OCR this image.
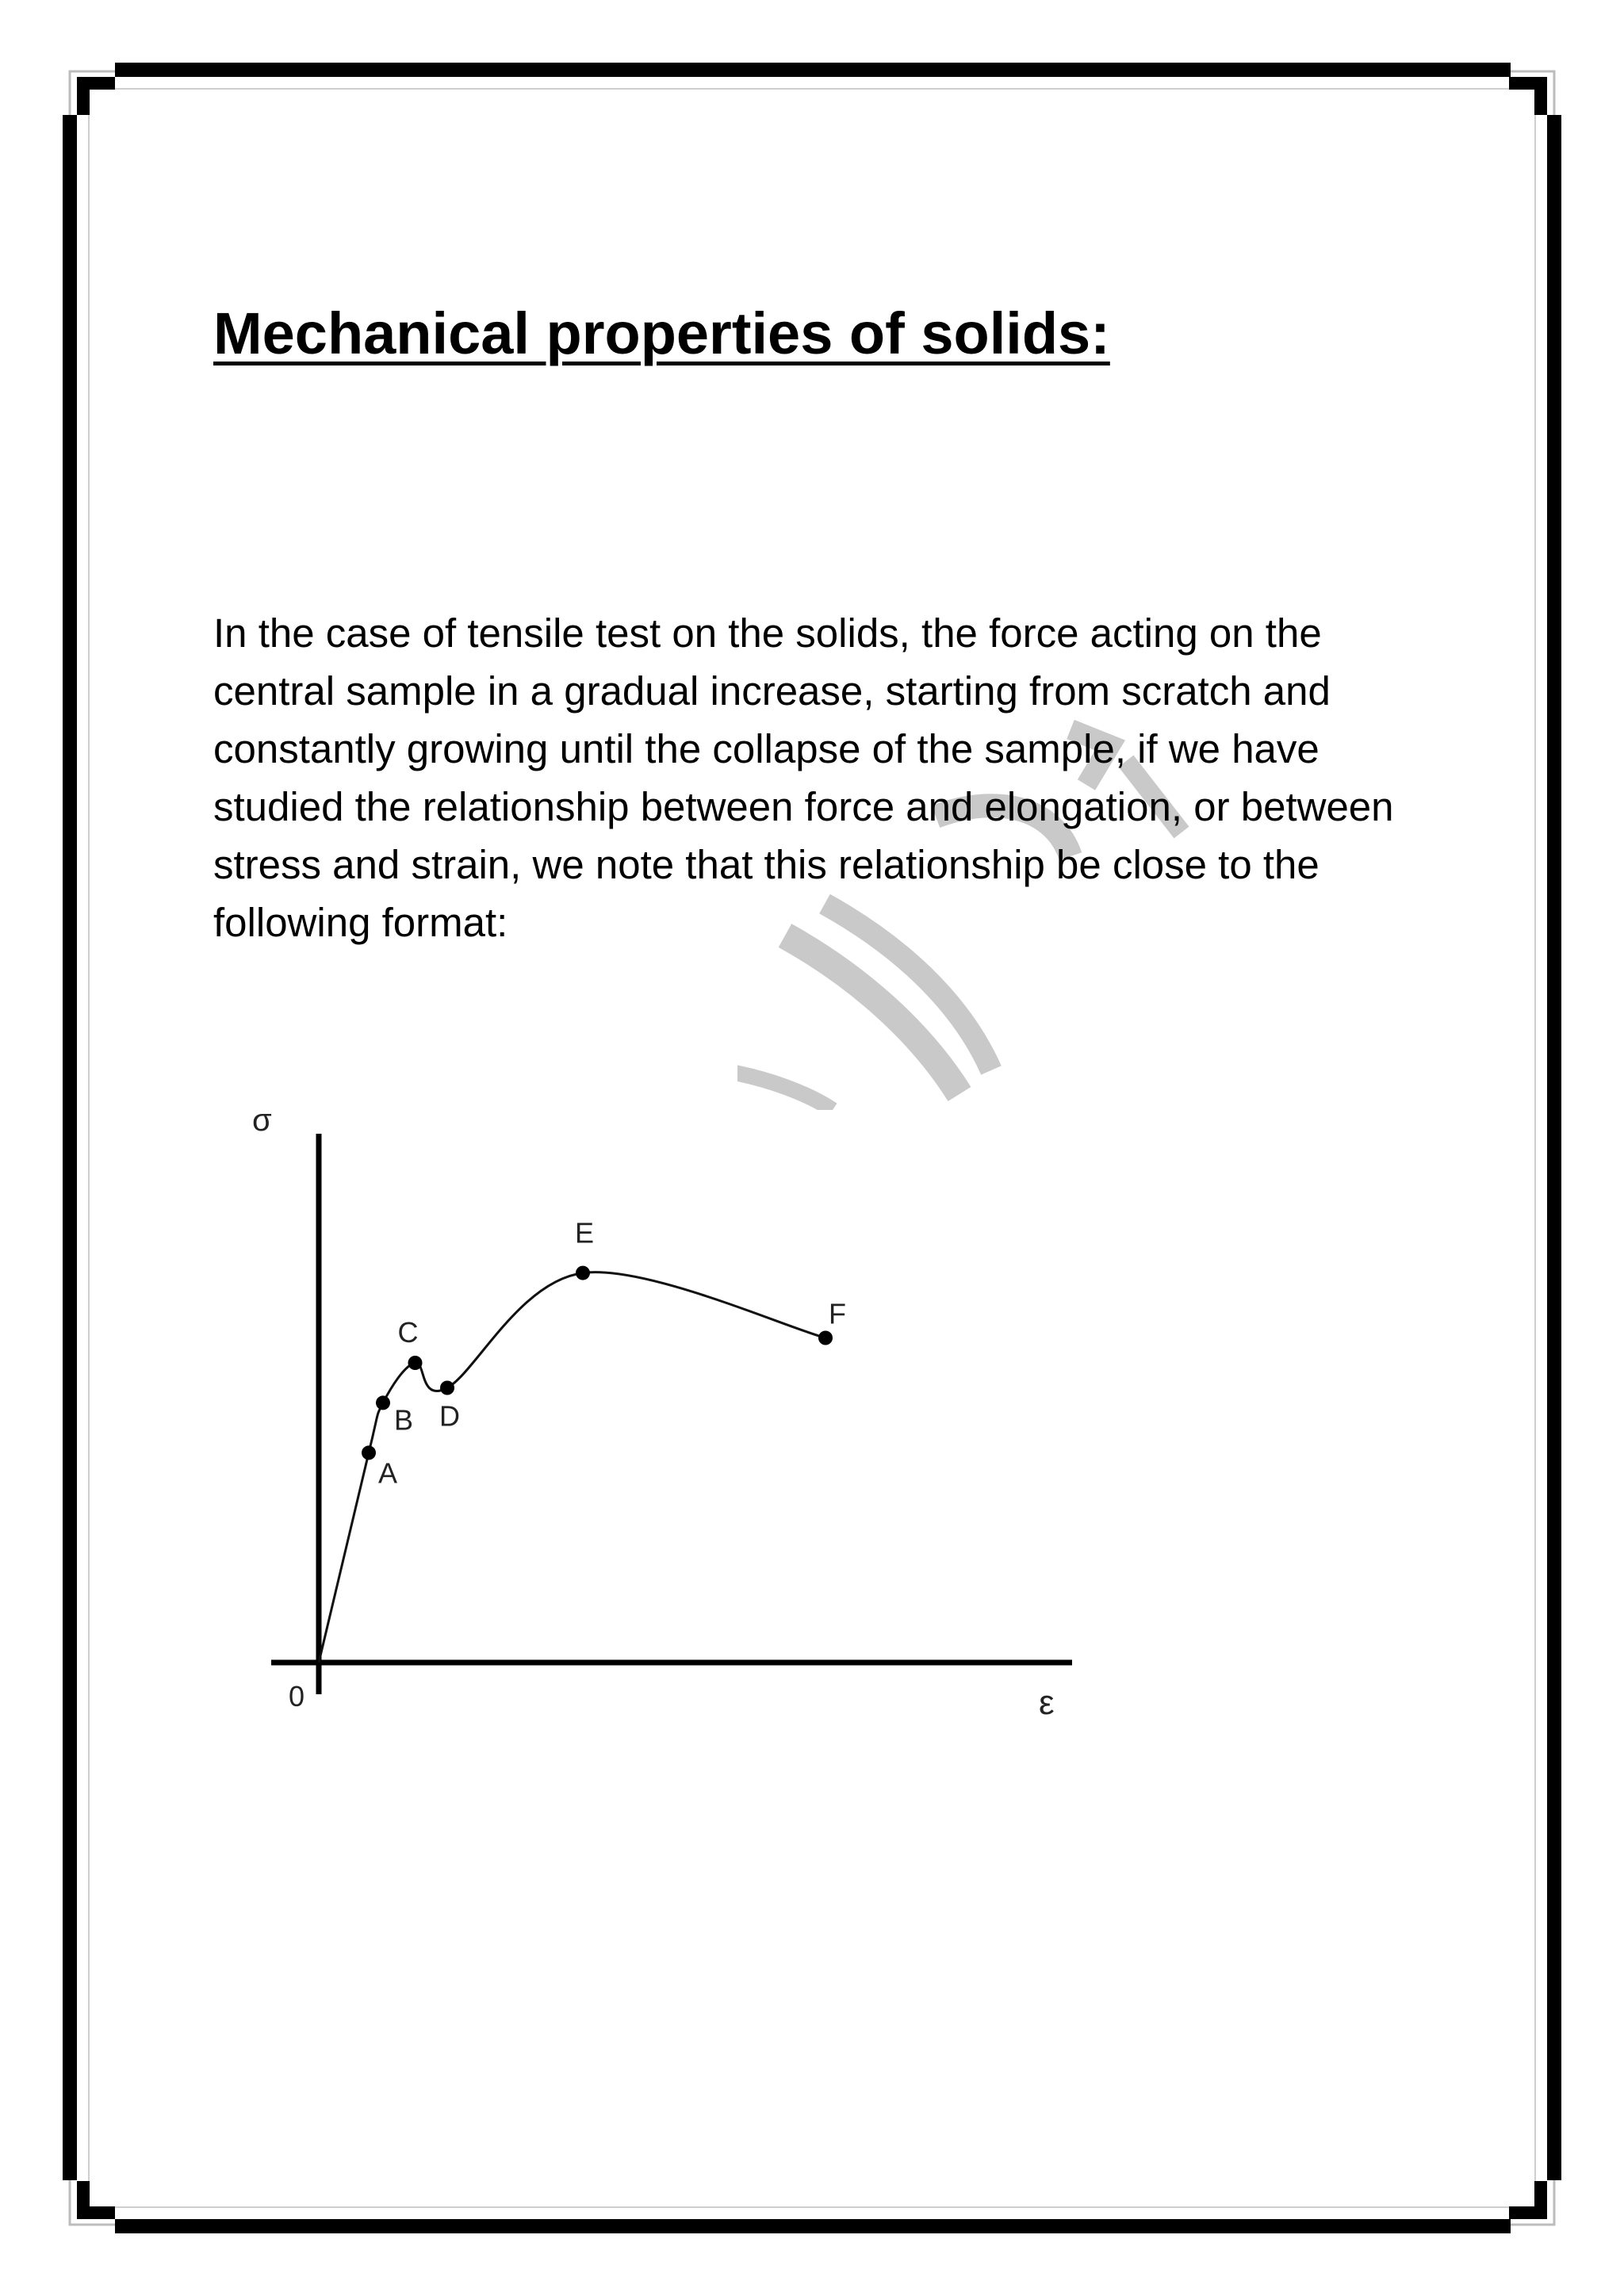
Mechanical properties of solids:

In the case of tensile test on the solids, the force acting on the central sample in a gradual increase, starting from scratch and constantly growing until the collapse of the sample, if we have studied the relationship between force and elongation, or between stress and strain, we note that this relationship be close to the following format:

A
B
C
D
E
F
σ
ε
0
